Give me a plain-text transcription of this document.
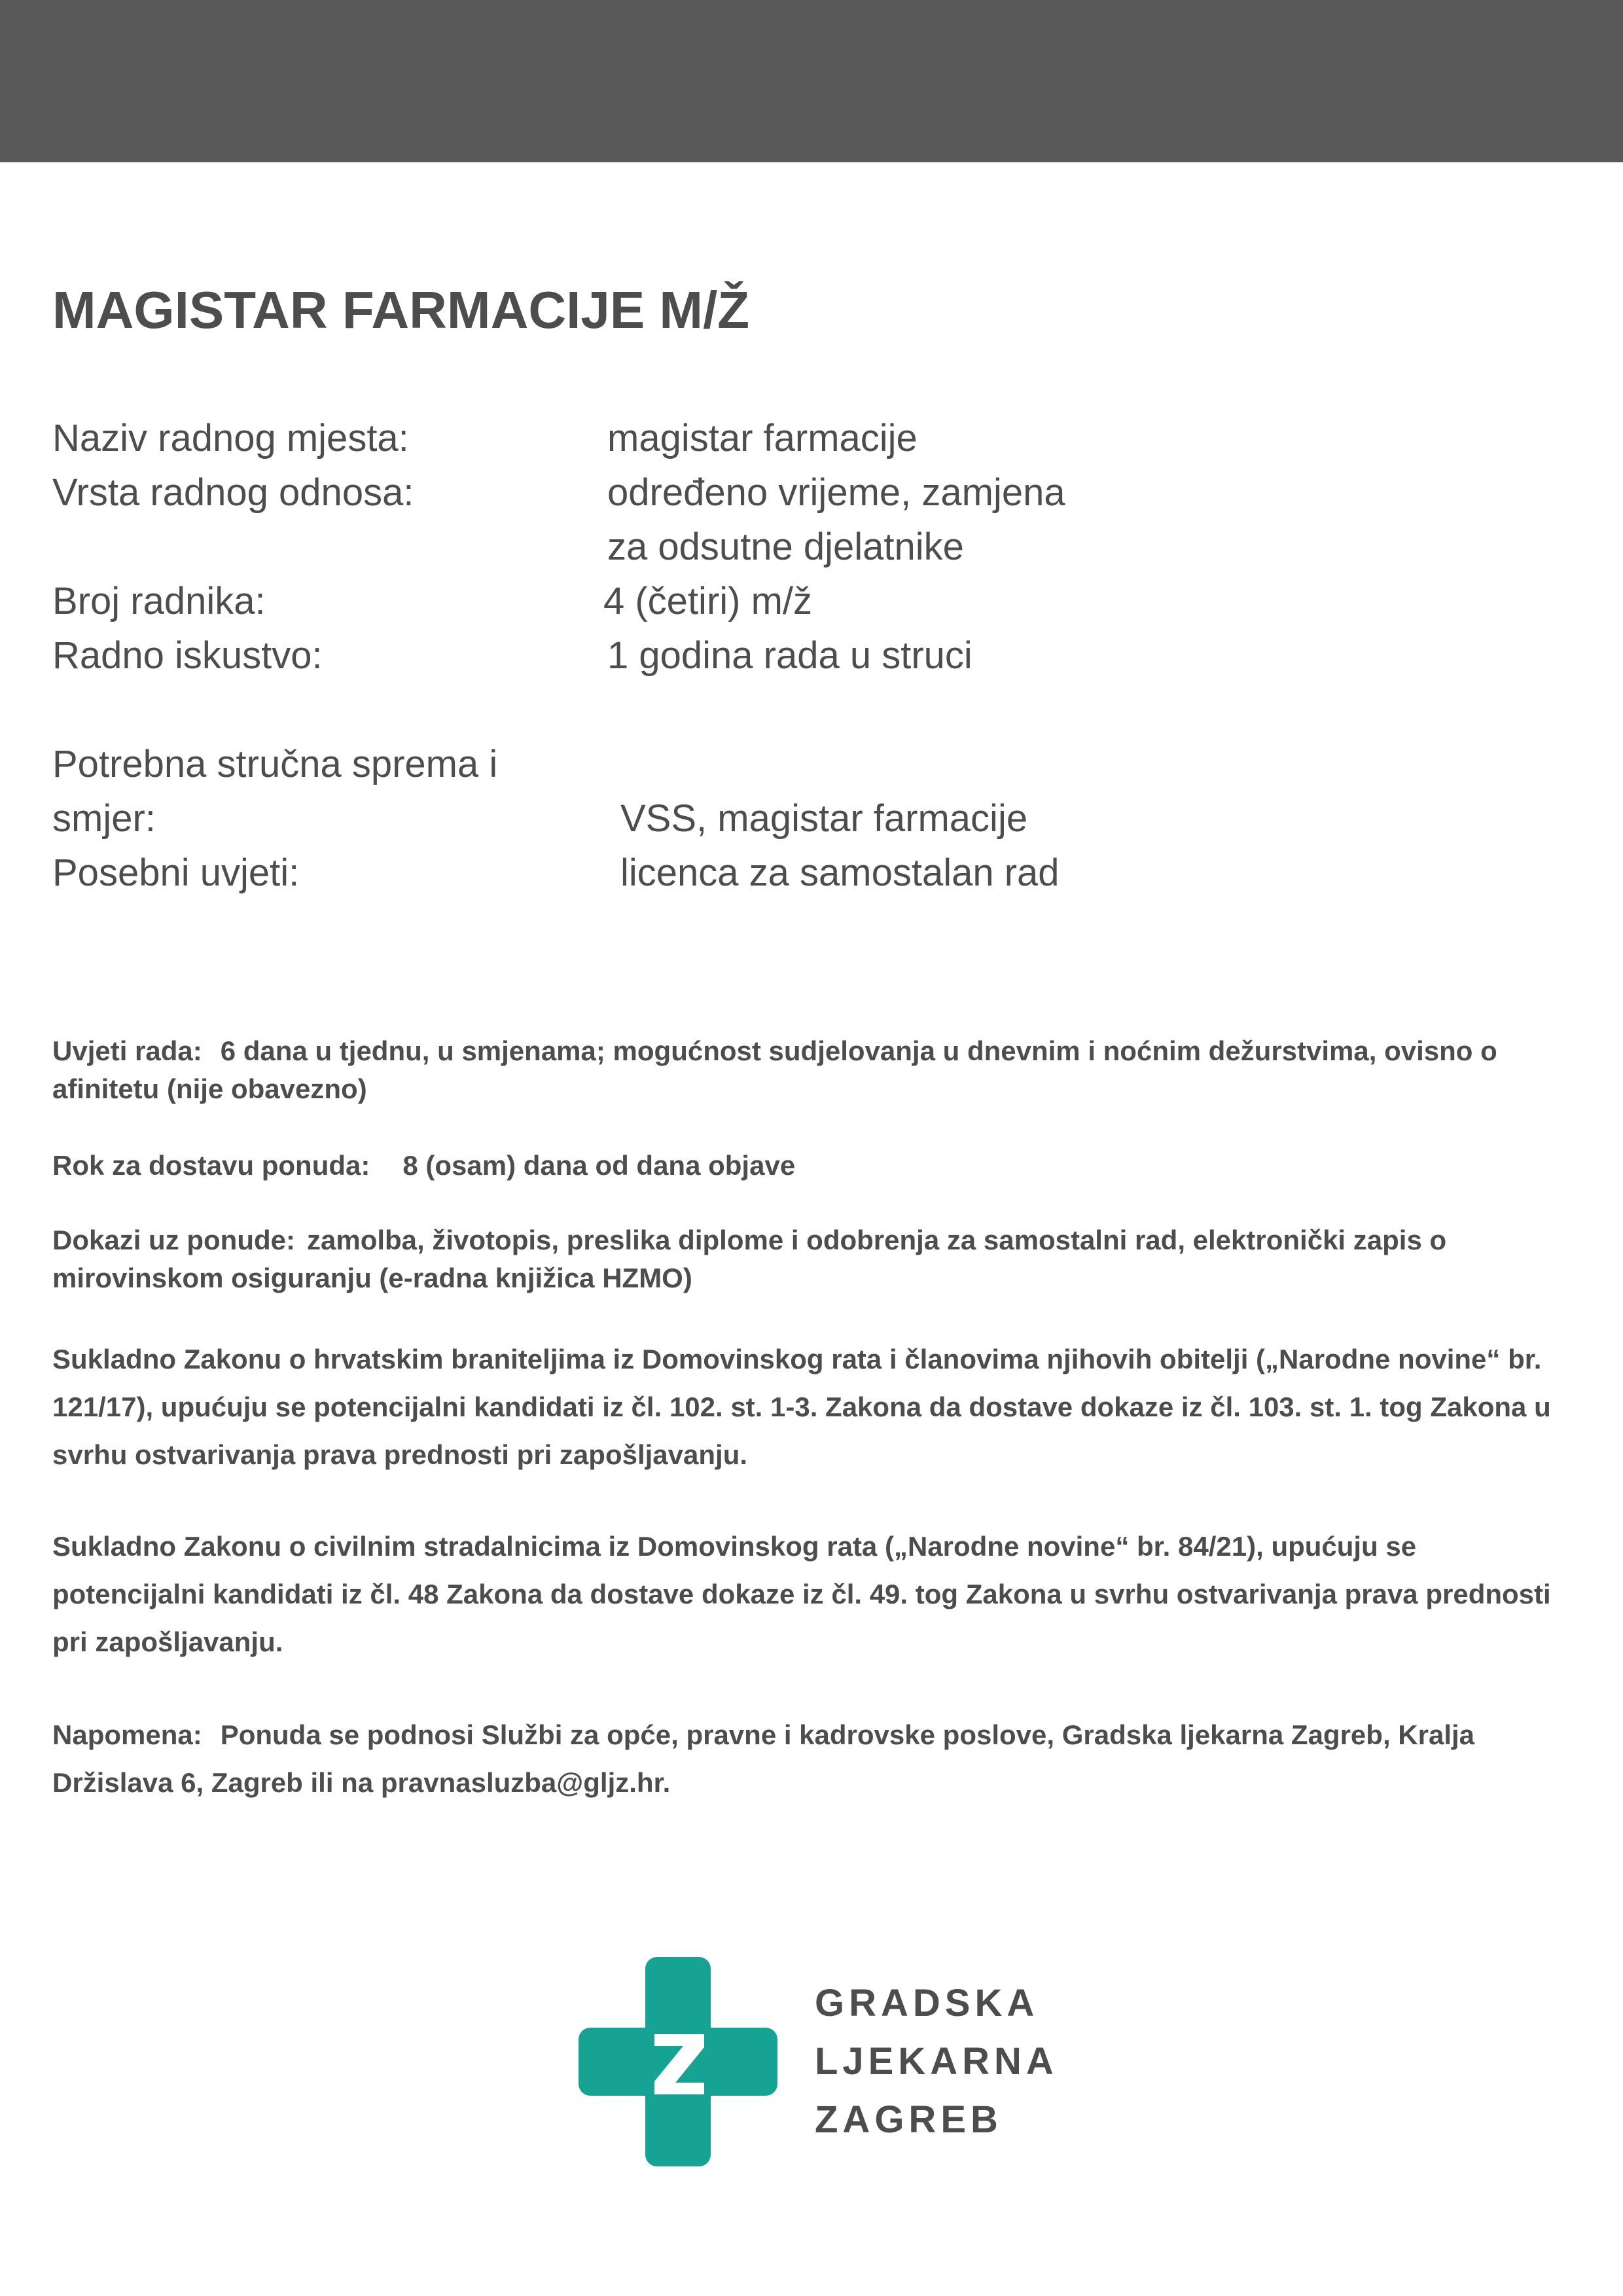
MAGISTAR FARMACIJE M/Ž
Naziv radnog mjesta:	magistar farmacije
Vrsta radnog odnosa:	određeno vrijeme, zamjena
za odsutne djelatnike
Broj radnika:	4 (četiri) m/ž
Radno iskustvo:	1 godina rada u struci
Potrebna stručna sprema i
smjer:	VSS, magistar farmacije
Posebni uvjeti:	licenca za samostalan rad
Uvjeti rada: 6 dana u tjednu, u smjenama; mogućnost sudjelovanja u dnevnim i noćnim dežurstvima, ovisno o afinitetu (nije obavezno)
Rok za dostavu ponuda: 8 (osam) dana od dana objave
Dokazi uz ponude: zamolba, životopis, preslika diplome i odobrenja za samostalni rad, elektronički zapis o mirovinskom osiguranju (e-radna knjižica HZMO)
Sukladno Zakonu o hrvatskim braniteljima iz Domovinskog rata i članovima njihovih obitelji („Narodne novine“ br. 121/17), upućuju se potencijalni kandidati iz čl. 102. st. 1-3. Zakona da dostave dokaze iz čl. 103. st. 1. tog Zakona u svrhu ostvarivanja prava prednosti pri zapošljavanju.
Sukladno Zakonu o civilnim stradalnicima iz Domovinskog rata („Narodne novine“ br. 84/21), upućuju se potencijalni kandidati iz čl. 48 Zakona da dostave dokaze iz čl. 49. tog Zakona u svrhu ostvarivanja prava prednosti pri zapošljavanju.
Napomena: Ponuda se podnosi Službi za opće, pravne i kadrovske poslove, Gradska ljekarna Zagreb, Kralja Držislava 6, Zagreb ili na pravnasluzba@gljz.hr.
GRADSKA
LJEKARNA
ZAGREB
